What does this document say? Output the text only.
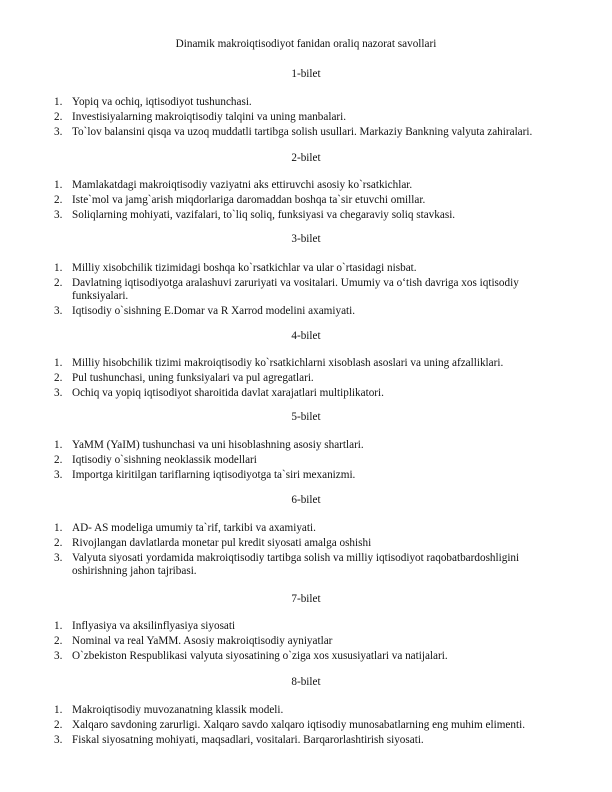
Dinamik makroiqtisodiyot fanidan oraliq nazorat savollari
1-bilet
1. Yopiq va ochiq, iqtisodiyot tushunchasi.
2. Investisiyalarning makroiqtisodiy talqini va uning manbalari.
3. To`lov balansini qisqa va uzoq muddatli tartibga solish usullari. Markaziy Bankning valyuta zahiralari.
2-bilet
1. Mamlakatdagi makroiqtisodiy vaziyatni aks ettiruvchi asosiy ko`rsatkichlar.
2. Iste`mol va jamg`arish miqdorlariga daromaddan boshqa ta`sir etuvchi omillar.
3. Soliqlarning mohiyati, vazifalari, to`liq soliq, funksiyasi va chegaraviy soliq stavkasi.
3-bilet
1. Milliy xisobchilik tizimidagi boshqa ko`rsatkichlar va ular o`rtasidagi nisbat.
2. Davlatning iqtisodiyotga aralashuvi zaruriyati va vositalari. Umumiy va o‘tish davriga xos iqtisodiy funksiyalari.
3. Iqtisodiy o`sishning E.Domar va R Xarrod modelini axamiyati.
4-bilet
1. Milliy hisobchilik tizimi makroiqtisodiy ko`rsatkichlarni xisoblash asoslari va uning afzalliklari.
2. Pul tushunchasi, uning funksiyalari va pul agregatlari.
3. Ochiq va yopiq iqtisodiyot sharoitida davlat xarajatlari multiplikatori.
5-bilet
1. YaMM (YaIM) tushunchasi va uni hisoblashning asosiy shartlari.
2. Iqtisodiy o`sishning neoklassik modellari
3. Importga kiritilgan tariflarning iqtisodiyotga ta`siri mexanizmi.
6-bilet
1. AD- AS modeliga umumiy ta`rif, tarkibi va axamiyati.
2. Rivojlangan davlatlarda monetar pul kredit siyosati amalga oshishi
3. Valyuta siyosati yordamida makroiqtisodiy tartibga solish va milliy iqtisodiyot raqobatbardoshligini oshirishning jahon tajribasi.
7-bilet
1. Inflyasiya va aksilinflyasiya siyosati
2. Nominal va real YaMM. Asosiy makroiqtisodiy ayniyatlar
3. O`zbekiston Respublikasi valyuta siyosatining o`ziga xos xususiyatlari va natijalari.
8-bilet
1. Makroiqtisodiy muvozanatning klassik modeli.
2. Xalqaro savdoning zarurligi. Xalqaro savdo xalqaro iqtisodiy munosabatlarning eng muhim elimenti.
3. Fiskal siyosatning mohiyati, maqsadlari, vositalari. Barqarorlashtirish siyosati.
